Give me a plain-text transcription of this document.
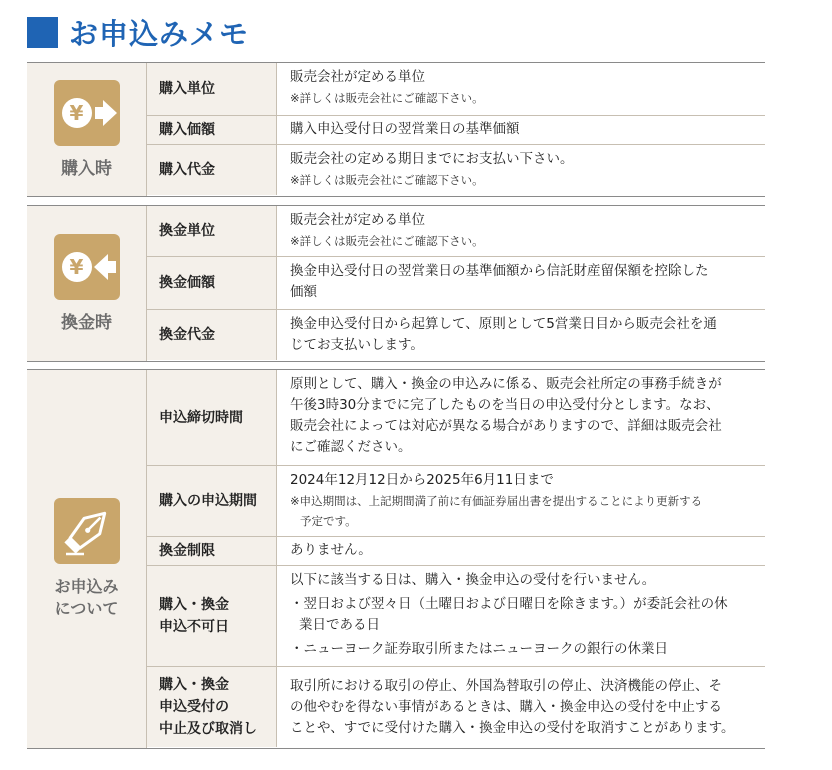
お申込みメモ
¥
購入時
購入単位
販売会社が定める単位
※詳しくは販売会社にご確認下さい。
購入価額	購入申込受付日の翌営業日の基準価額
購入代金
販売会社の定める期日までにお支払い下さい。
※詳しくは販売会社にご確認下さい。
¥
換金時
換金単位
販売会社が定める単位
※詳しくは販売会社にご確認下さい。
換金価額
換金申込受付日の翌営業日の基準価額から信託財産留保額を控除した
価額
換金代金
換金申込受付日から起算して、原則として5営業日目から販売会社を通
じてお支払いします。
お申込み
について
申込締切時間
原則として、購入・換金の申込みに係る、販売会社所定の事務手続きが
午後3時30分までに完了したものを当日の申込受付分とします。なお、
販売会社によっては対応が異なる場合がありますので、詳細は販売会社
にご確認ください。
購入の申込期間
2024年12月12日から2025年6月11日まで
※申込期間は、上記期間満了前に有価証券届出書を提出することにより更新する
予定です。
換金制限	ありません。
購入・換金
申込不可日
以下に該当する日は、購入・換金申込の受付を行いません。
・翌日および翌々日（土曜日および日曜日を除きます。）が委託会社の休
業日である日
・ニューヨーク証券取引所またはニューヨークの銀行の休業日
購入・換金
申込受付の
中止及び取消し
取引所における取引の停止、外国為替取引の停止、決済機能の停止、そ
の他やむを得ない事情があるときは、購入・換金申込の受付を中止する
ことや、すでに受付けた購入・換金申込の受付を取消すことがあります。
